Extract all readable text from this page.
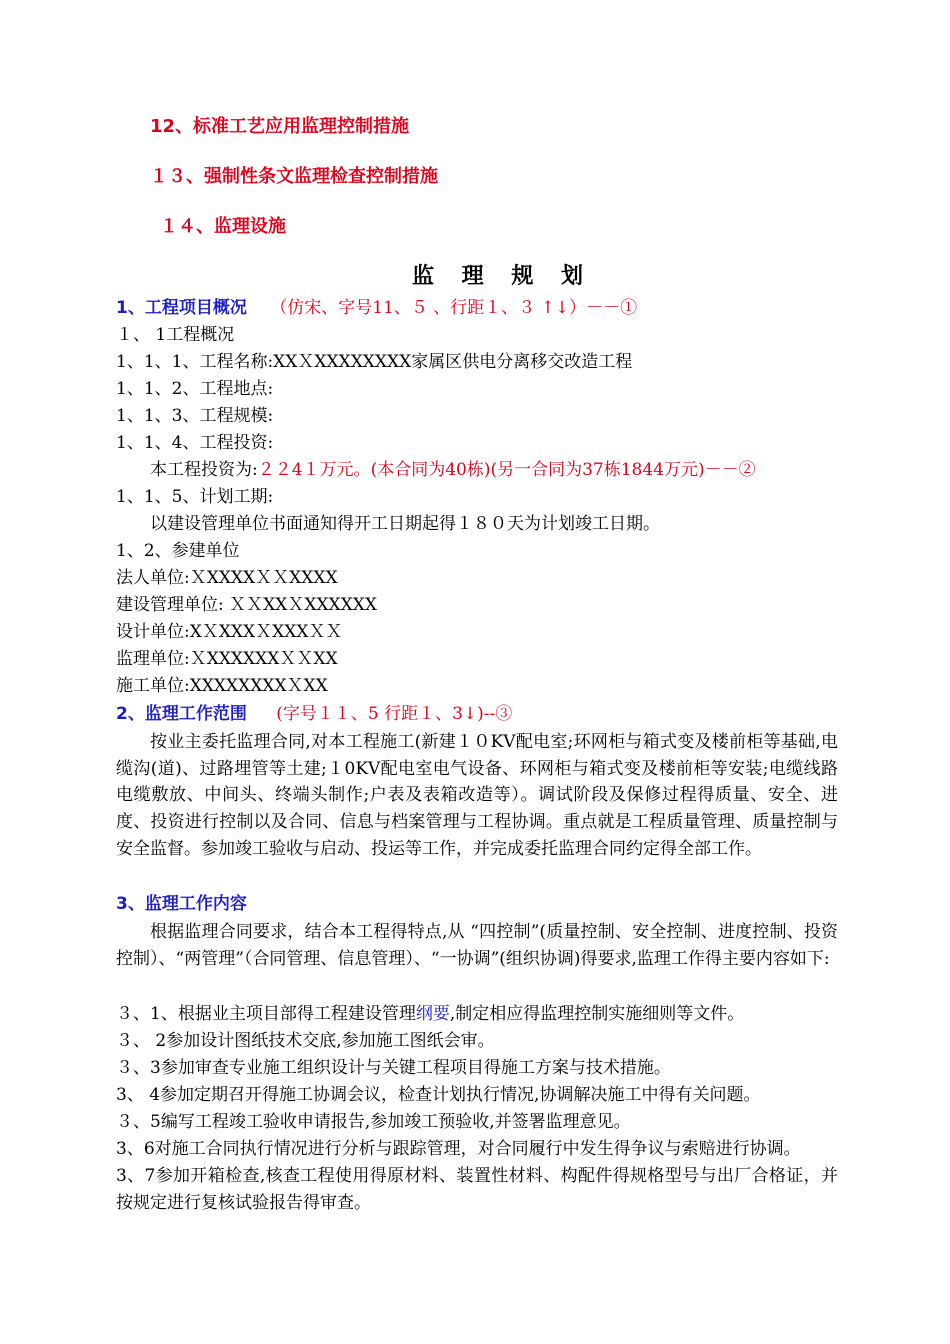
12、标准工艺应用监理控制措施
１３、强制性条文监理检查控制措施
１４、监理设施
监 理 规 划
1、工程项目概况 （仿宋、字号11、５ 、行距１、３ ↑↓）－－①
１、 1工程概况
1、1、1、工程名称:XXＸXXXXXXXX家属区供电分离移交改造工程
1、1、2、工程地点:
1、1、3、工程规模:
1、1、4、工程投资:
本工程投资为:２２4１万元。(本合同为40栋)(另一合同为37栋1844万元)－－②
1、1、5、计划工期:
以建设管理单位书面通知得开工日期起得１８０天为计划竣工日期。
1、2、参建单位
法人单位:ＸXXXXＸＸXXXX
建设管理单位: ＸＸXXＸXXXXXX
设计单位:XＸXXXＸXXXＸＸ
监理单位:ＸXXXXXXＸＸXX
施工单位:XXXXXXXXＸXX
2、监理工作范围 (字号１１、5 行距１、3↓)--③
按业主委托监理合同,对本工程施工(新建１０KV配电室;环网柜与箱式变及楼前柜等基础,电缆沟(道)、过路埋管等土建;１0KV配电室电气设备、环网柜与箱式变及楼前柜等安装;电缆线路电缆敷放、中间头、终端头制作;户表及表箱改造等）。调试阶段及保修过程得质量、安全、进度、投资进行控制以及合同、信息与档案管理与工程协调。重点就是工程质量管理、质量控制与安全监督。参加竣工验收与启动、投运等工作，并完成委托监理合同约定得全部工作。
3、监理工作内容
根据监理合同要求，结合本工程得特点,从 “四控制”(质量控制、安全控制、进度控制、投资控制）、“两管理”（合同管理、信息管理）、“一协调”(组织协调)得要求,监理工作得主要内容如下:
３、1、根据业主项目部得工程建设管理纲要,制定相应得监理控制实施细则等文件。
３、 2参加设计图纸技术交底,参加施工图纸会审。
３、3参加审查专业施工组织设计与关键工程项目得施工方案与技术措施。
3、 4参加定期召开得施工协调会议，检查计划执行情况,协调解决施工中得有关问题。
３、5编写工程竣工验收申请报告,参加竣工预验收,并签署监理意见。
3、6对施工合同执行情况进行分析与跟踪管理，对合同履行中发生得争议与索赔进行协调。
3、7参加开箱检查,核查工程使用得原材料、装置性材料、构配件得规格型号与出厂合格证，并按规定进行复核试验报告得审查。
